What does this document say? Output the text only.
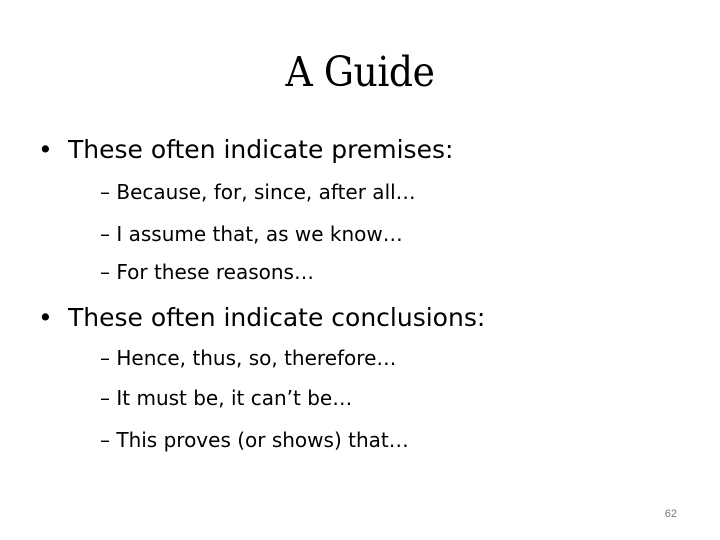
A Guide
• These often indicate premises:
– Because, for, since, after all…
– I assume that, as we know…
– For these reasons…
• These often indicate conclusions:
– Hence, thus, so, therefore…
– It must be, it can’t be…
– This proves (or shows) that…
62
